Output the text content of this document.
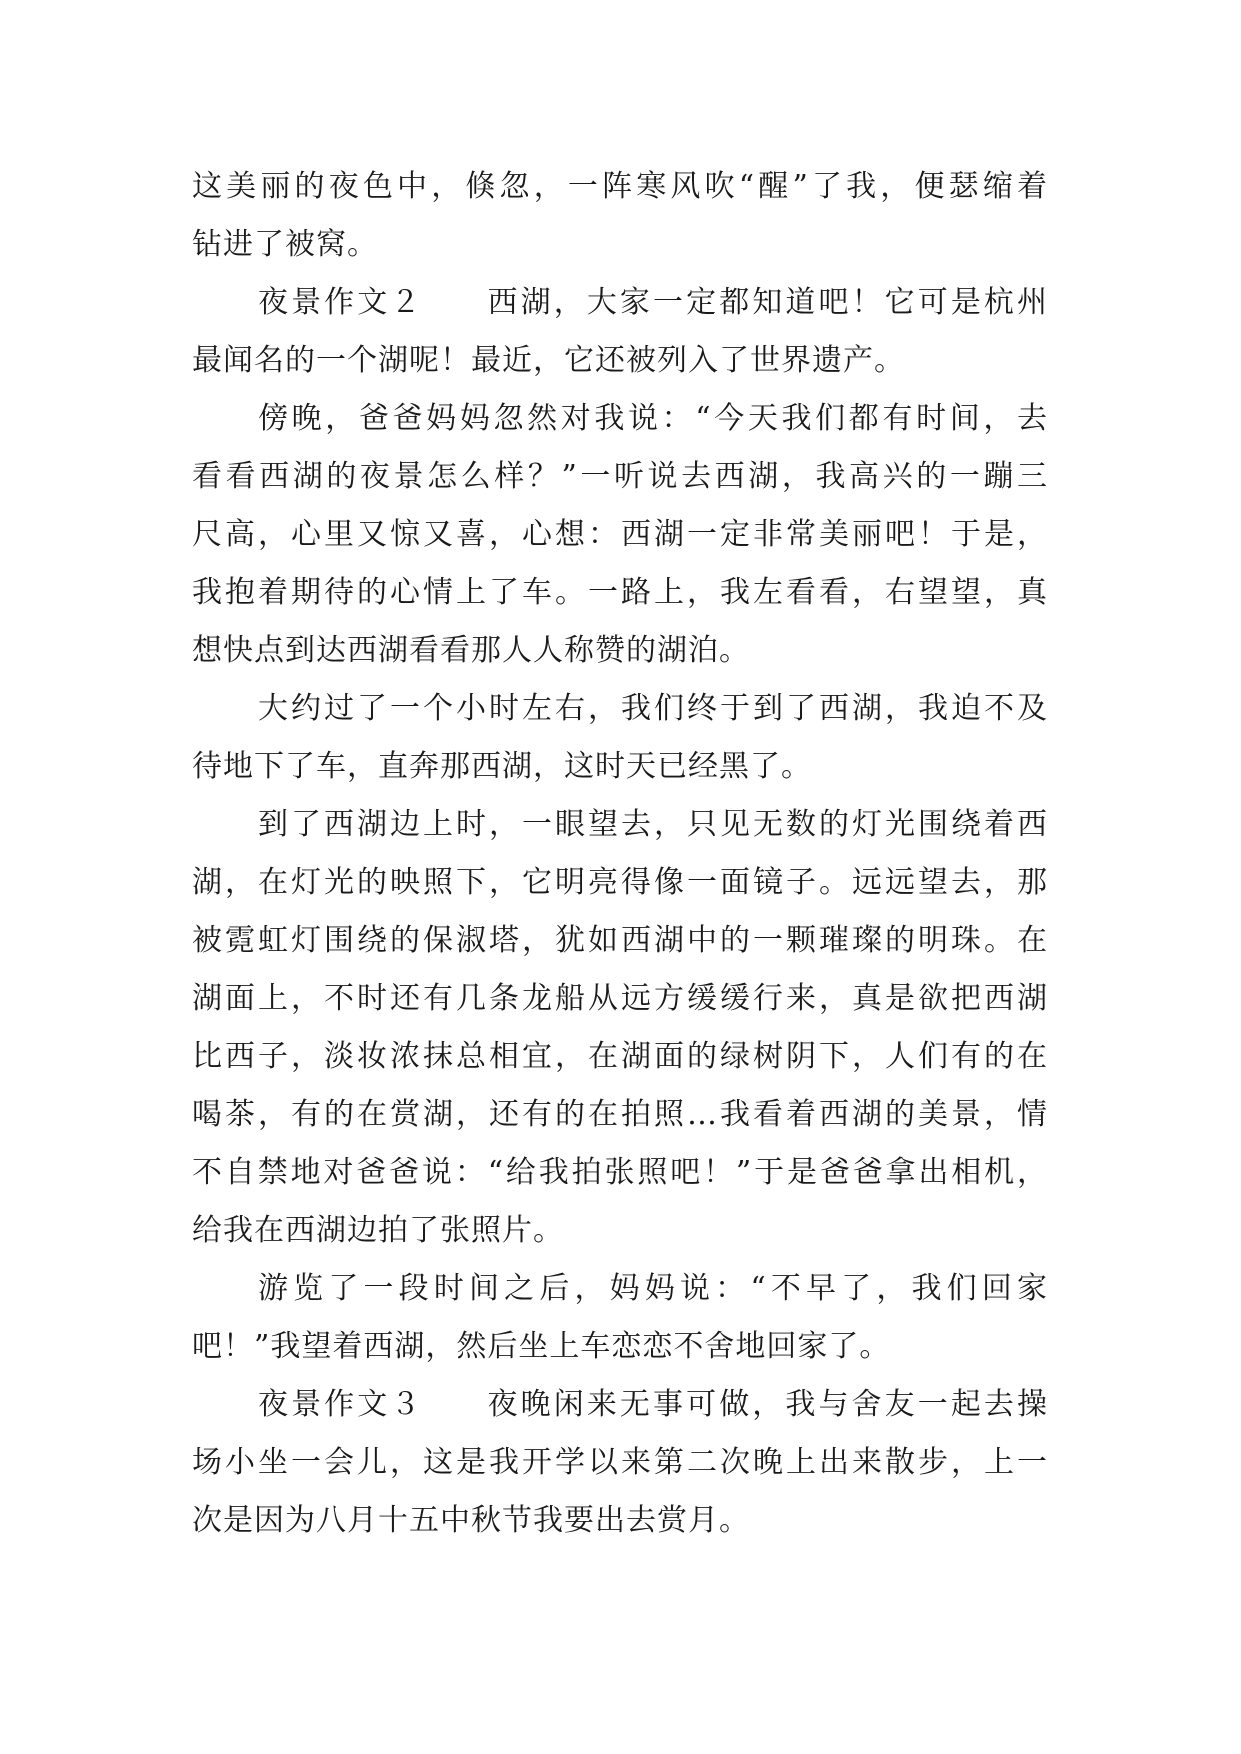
这美丽的夜色中，倏忽，一阵寒风吹“醒”了我，便瑟缩着
钻进了被窝。
夜景作文２ 西湖，大家一定都知道吧！它可是杭州
最闻名的一个湖呢！最近，它还被列入了世界遗产。
傍晚，爸爸妈妈忽然对我说：“今天我们都有时间，去
看看西湖的夜景怎么样？”一听说去西湖，我高兴的一蹦三
尺高，心里又惊又喜，心想：西湖一定非常美丽吧！于是，
我抱着期待的心情上了车。一路上，我左看看，右望望，真
想快点到达西湖看看那人人称赞的湖泊。
大约过了一个小时左右，我们终于到了西湖，我迫不及
待地下了车，直奔那西湖，这时天已经黑了。
到了西湖边上时，一眼望去，只见无数的灯光围绕着西
湖，在灯光的映照下，它明亮得像一面镜子。远远望去，那
被霓虹灯围绕的保淑塔，犹如西湖中的一颗璀璨的明珠。在
湖面上，不时还有几条龙船从远方缓缓行来，真是欲把西湖
比西子，淡妆浓抹总相宜，在湖面的绿树阴下，人们有的在
喝茶，有的在赏湖，还有的在拍照…我看着西湖的美景，情
不自禁地对爸爸说：“给我拍张照吧！”于是爸爸拿出相机，
给我在西湖边拍了张照片。
游览了一段时间之后，妈妈说：“不早了，我们回家
吧！”我望着西湖，然后坐上车恋恋不舍地回家了。
夜景作文３ 夜晚闲来无事可做，我与舍友一起去操
场小坐一会儿，这是我开学以来第二次晚上出来散步，上一
次是因为八月十五中秋节我要出去赏月。
